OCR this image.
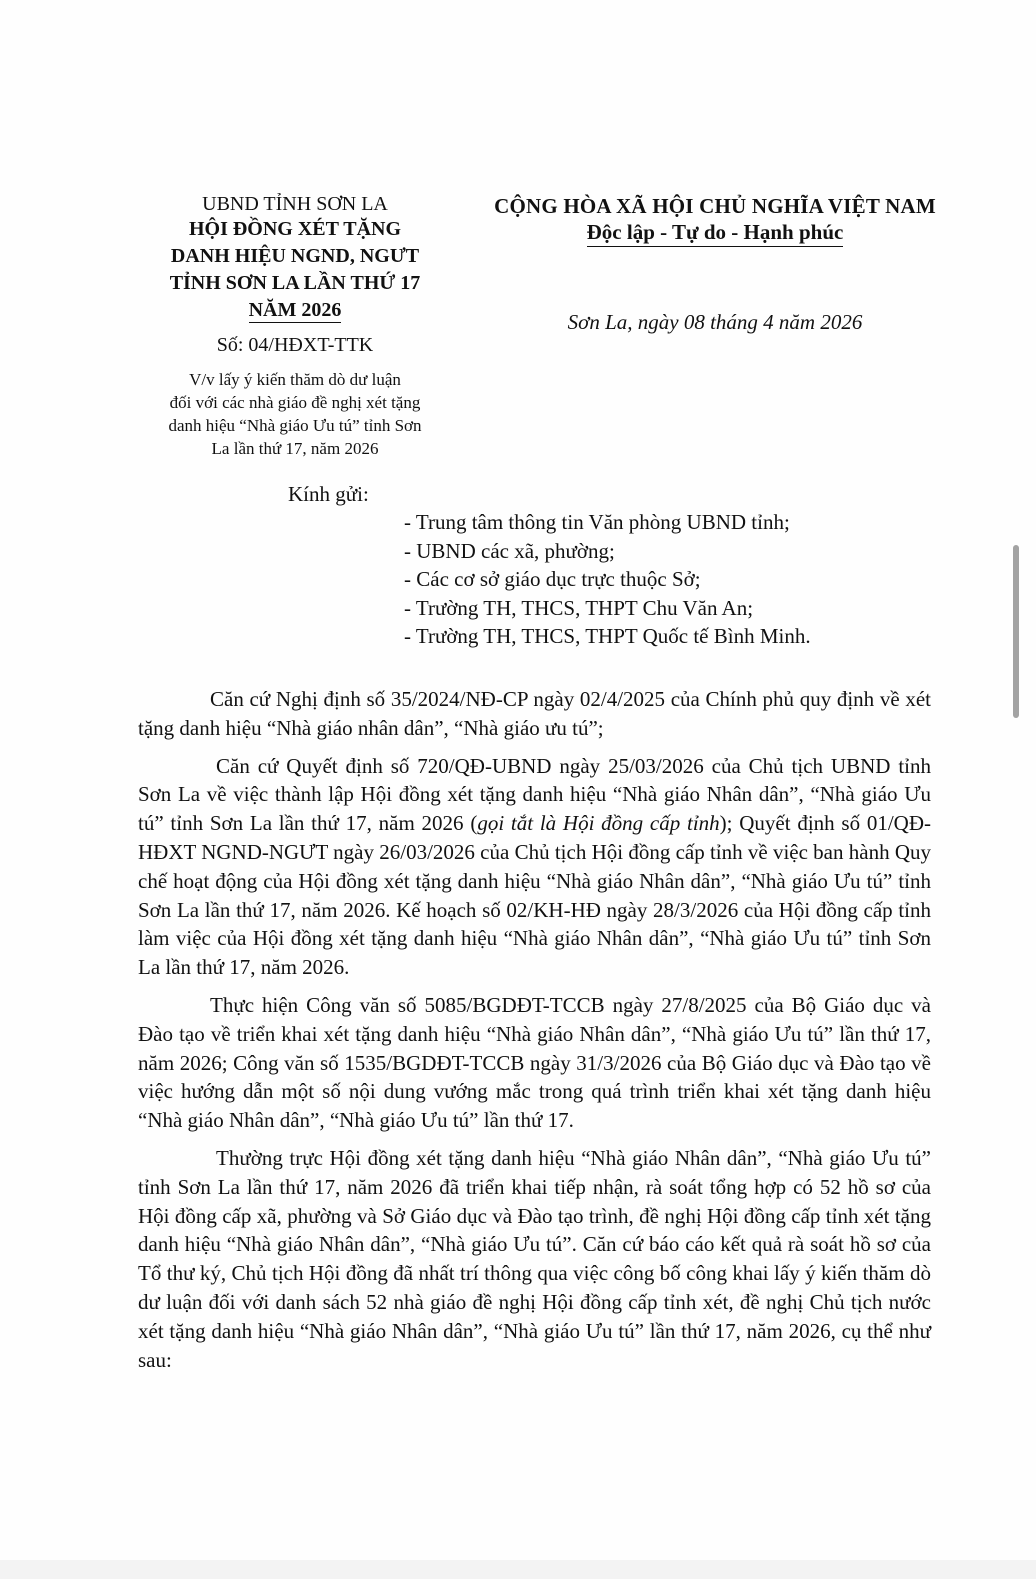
UBND TỈNH SƠN LA
HỘI ĐỒNG XÉT TẶNG
DANH HIỆU NGND, NGƯT
TỈNH SƠN LA LẦN THỨ 17
NĂM 2026
Số: 04/HĐXT-TTK
V/v lấy ý kiến thăm dò dư luận
đối với các nhà giáo đề nghị xét tặng
danh hiệu “Nhà giáo Ưu tú” tỉnh Sơn
La lần thứ 17, năm 2026
CỘNG HÒA XÃ HỘI CHỦ NGHĨA VIỆT NAM
Độc lập - Tự do - Hạnh phúc
Sơn La, ngày 08 tháng 4 năm 2026
Kính gửi:
- Trung tâm thông tin Văn phòng UBND tỉnh;
- UBND các xã, phường;
- Các cơ sở giáo dục trực thuộc Sở;
- Trường TH, THCS, THPT Chu Văn An;
- Trường TH, THCS, THPT Quốc tế Bình Minh.

Căn cứ Nghị định số 35/2024/NĐ-CP ngày 02/4/2025 của Chính phủ quy định về xét tặng danh hiệu “Nhà giáo nhân dân”, “Nhà giáo ưu tú”;

Căn cứ Quyết định số 720/QĐ-UBND ngày 25/03/2026 của Chủ tịch UBND tỉnh Sơn La về việc thành lập Hội đồng xét tặng danh hiệu “Nhà giáo Nhân dân”, “Nhà giáo Ưu tú” tỉnh Sơn La lần thứ 17, năm 2026 (gọi tắt là Hội đồng cấp tỉnh); Quyết định số 01/QĐ-HĐXT NGND-NGƯT ngày 26/03/2026 của Chủ tịch Hội đồng cấp tỉnh về việc ban hành Quy chế hoạt động của Hội đồng xét tặng danh hiệu “Nhà giáo Nhân dân”, “Nhà giáo Ưu tú” tỉnh Sơn La lần thứ 17, năm 2026. Kế hoạch số 02/KH-HĐ ngày 28/3/2026 của Hội đồng cấp tỉnh làm việc của Hội đồng xét tặng danh hiệu “Nhà giáo Nhân dân”, “Nhà giáo Ưu tú” tỉnh Sơn La lần thứ 17, năm 2026.

Thực hiện Công văn số 5085/BGDĐT-TCCB ngày 27/8/2025 của Bộ Giáo dục và Đào tạo về triển khai xét tặng danh hiệu “Nhà giáo Nhân dân”, “Nhà giáo Ưu tú” lần thứ 17, năm 2026; Công văn số 1535/BGDĐT-TCCB ngày 31/3/2026 của Bộ Giáo dục và Đào tạo về việc hướng dẫn một số nội dung vướng mắc trong quá trình triển khai xét tặng danh hiệu “Nhà giáo Nhân dân”, “Nhà giáo Ưu tú” lần thứ 17.

Thường trực Hội đồng xét tặng danh hiệu “Nhà giáo Nhân dân”, “Nhà giáo Ưu tú” tỉnh Sơn La lần thứ 17, năm 2026 đã triển khai tiếp nhận, rà soát tổng hợp có 52 hồ sơ của Hội đồng cấp xã, phường và Sở Giáo dục và Đào tạo trình, đề nghị Hội đồng cấp tỉnh xét tặng danh hiệu “Nhà giáo Nhân dân”, “Nhà giáo Ưu tú”. Căn cứ báo cáo kết quả rà soát hồ sơ của Tổ thư ký, Chủ tịch Hội đồng đã nhất trí thông qua việc công bố công khai lấy ý kiến thăm dò dư luận đối với danh sách 52 nhà giáo đề nghị Hội đồng cấp tỉnh xét, đề nghị Chủ tịch nước xét tặng danh hiệu “Nhà giáo Nhân dân”, “Nhà giáo Ưu tú” lần thứ 17, năm 2026, cụ thể như sau:
